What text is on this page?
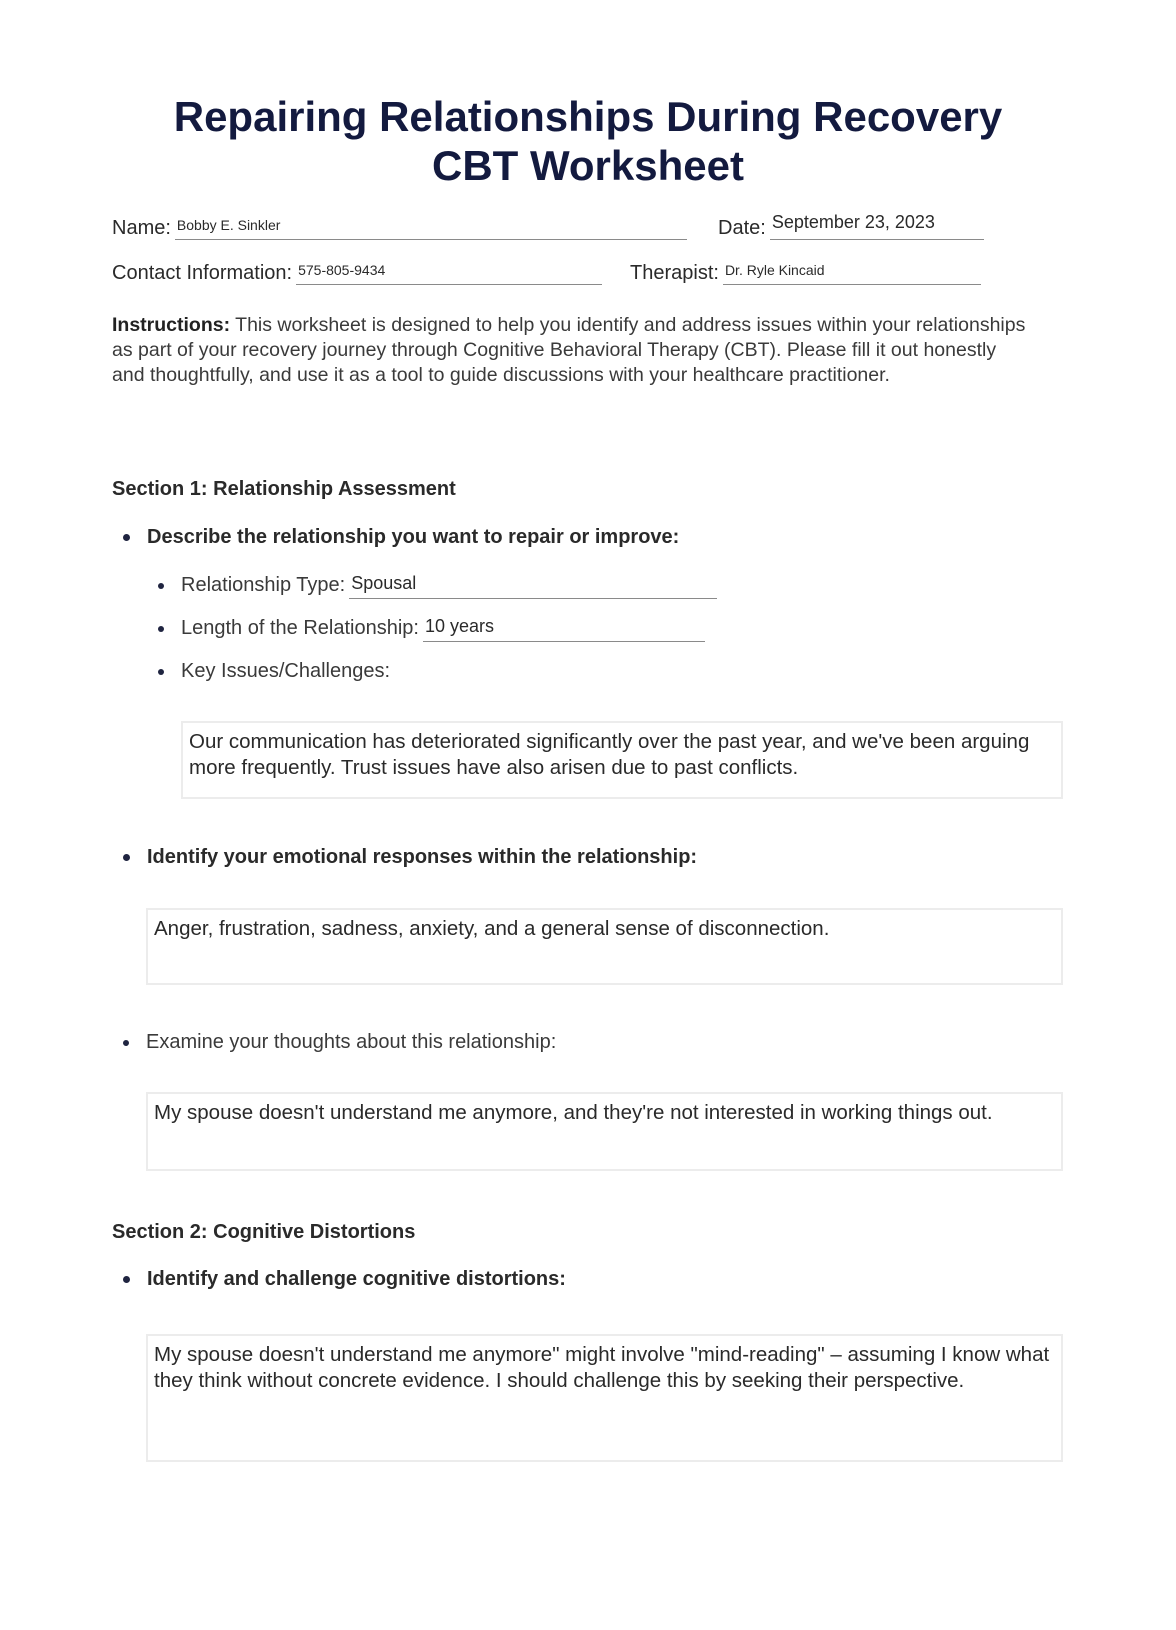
Repairing Relationships During Recovery
CBT Worksheet
Name: Bobby E. Sinkler	Date: September 23, 2023
Contact Information: 575-805-9434	Therapist: Dr. Ryle Kincaid

Instructions: This worksheet is designed to help you identify and address issues within your relationships as part of your recovery journey through Cognitive Behavioral Therapy (CBT). Please fill it out honestly and thoughtfully, and use it as a tool to guide discussions with your healthcare practitioner.

Section 1: Relationship Assessment
Describe the relationship you want to repair or improve:
Relationship Type: Spousal
Length of the Relationship: 10 years
Key Issues/Challenges:
Our communication has deteriorated significantly over the past year, and we've been arguing more frequently. Trust issues have also arisen due to past conflicts.
Identify your emotional responses within the relationship:
Anger, frustration, sadness, anxiety, and a general sense of disconnection.
Examine your thoughts about this relationship:
My spouse doesn't understand me anymore, and they're not interested in working things out.
Section 2: Cognitive Distortions
Identify and challenge cognitive distortions:
My spouse doesn't understand me anymore" might involve "mind-reading" – assuming I know what they think without concrete evidence. I should challenge this by seeking their perspective.
